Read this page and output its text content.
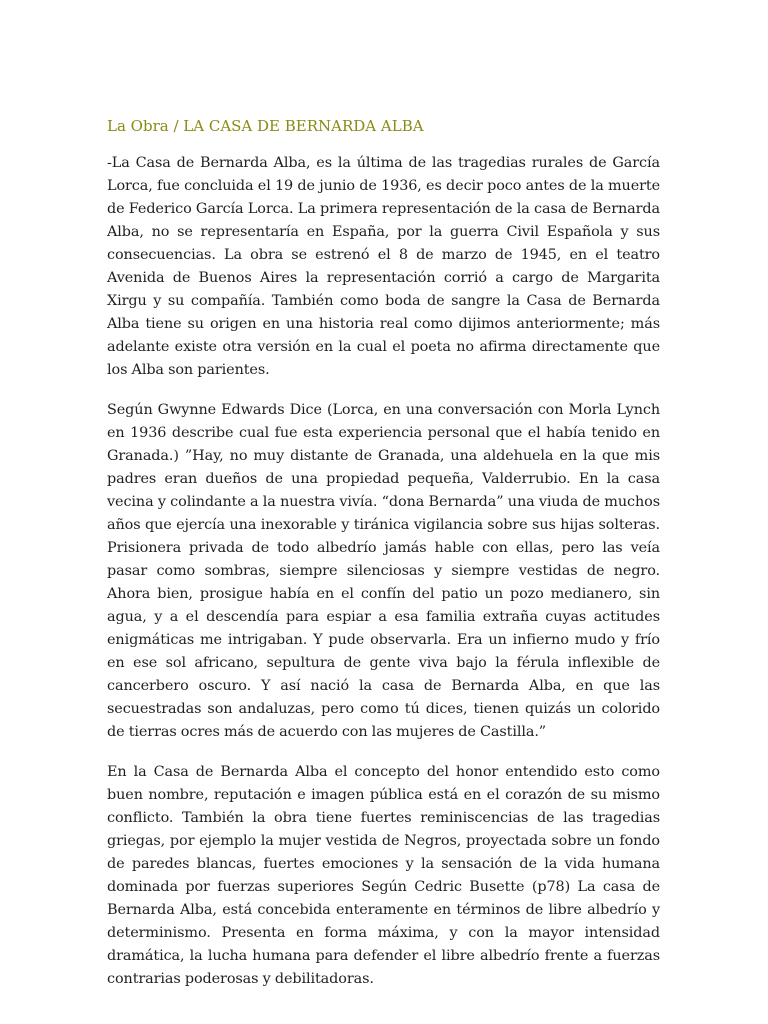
La Obra / LA CASA DE BERNARDA ALBA

-La Casa de Bernarda Alba, es la última de las tragedias rurales de García Lorca, fue concluida el 19 de junio de 1936, es decir poco antes de la muerte de Federico García Lorca. La primera representación de la casa de Bernarda Alba, no se representaría en España, por la guerra Civil Española y sus consecuencias. La obra se estrenó el 8 de marzo de 1945, en el teatro Avenida de Buenos Aires la representación corrió a cargo de Margarita Xirgu y su compañía. También como boda de sangre la Casa de Bernarda Alba tiene su origen en una historia real como dijimos anteriormente; más adelante existe otra versión en la cual el poeta no afirma directamente que los Alba son parientes.

Según Gwynne Edwards Dice (Lorca, en una conversación con Morla Lynch en 1936 describe cual fue esta experiencia personal que el había tenido en Granada.) ”Hay, no muy distante de Granada, una aldehuela en la que mis padres eran dueños de una propiedad pequeña, Valderrubio. En la casa vecina y colindante a la nuestra vivía. “dona Bernarda” una viuda de muchos años que ejercía una inexorable y tiránica vigilancia sobre sus hijas solteras. Prisionera privada de todo albedrío jamás hable con ellas, pero las veía pasar como sombras, siempre silenciosas y siempre vestidas de negro. Ahora bien, prosigue había en el confín del patio un pozo medianero, sin agua, y a el descendía para espiar a esa familia extraña cuyas actitudes enigmáticas me intrigaban. Y pude observarla. Era un infierno mudo y frío en ese sol africano, sepultura de gente viva bajo la férula inflexible de cancerbero oscuro. Y así nació la casa de Bernarda Alba, en que las secuestradas son andaluzas, pero como tú dices, tienen quizás un colorido de tierras ocres más de acuerdo con las mujeres de Castilla.”

En la Casa de Bernarda Alba el concepto del honor entendido esto como buen nombre, reputación e imagen pública está en el corazón de su mismo conflicto. También la obra tiene fuertes reminiscencias de las tragedias griegas, por ejemplo la mujer vestida de Negros, proyectada sobre un fondo de paredes blancas, fuertes emociones y la sensación de la vida humana dominada por fuerzas superiores Según Cedric Busette (p78) La casa de Bernarda Alba, está concebida enteramente en términos de libre albedrío y determinismo. Presenta en forma máxima, y con la mayor intensidad dramática, la lucha humana para defender el libre albedrío frente a fuerzas contrarias poderosas y debilitadoras.
